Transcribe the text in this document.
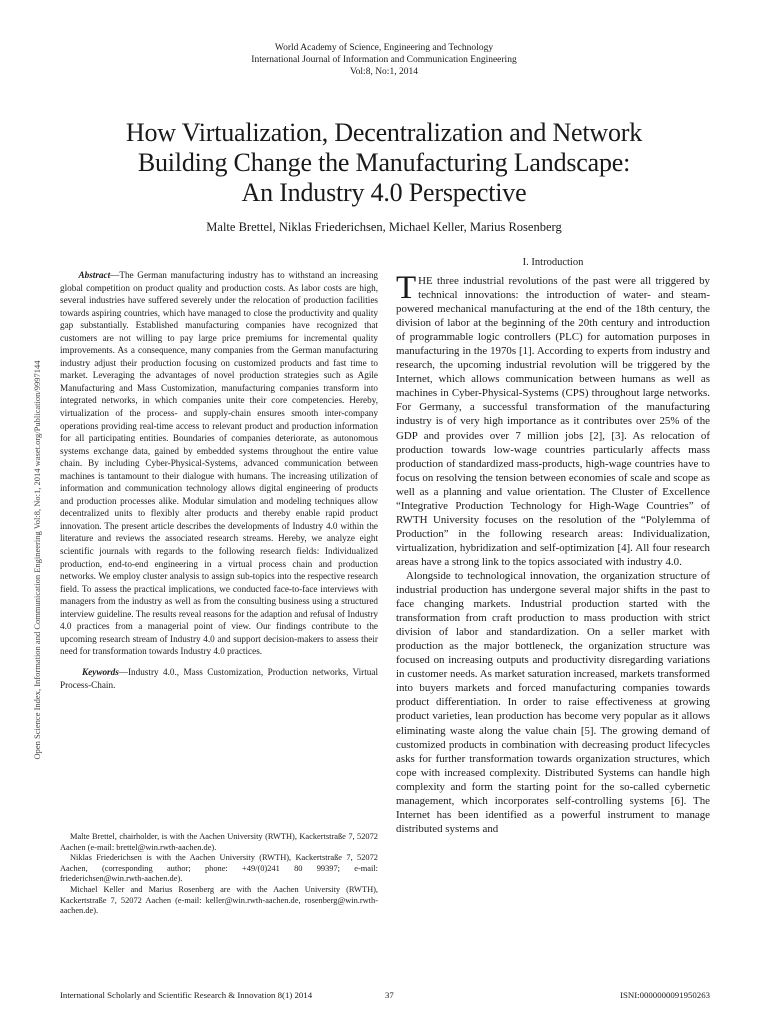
World Academy of Science, Engineering and Technology
International Journal of Information and Communication Engineering
Vol:8, No:1, 2014
How Virtualization, Decentralization and Network
Building Change the Manufacturing Landscape:
An Industry 4.0 Perspective
Malte Brettel, Niklas Friederichsen, Michael Keller, Marius Rosenberg
Open Science Index, Information and Communication Engineering Vol:8, No:1, 2014 waset.org/Publication/9997144

Abstract—The German manufacturing industry has to withstand an increasing global competition on product quality and production costs. As labor costs are high, several industries have suffered severely under the relocation of production facilities towards aspiring countries, which have managed to close the productivity and quality gap substantially. Established manufacturing companies have recognized that customers are not willing to pay large price premiums for incremental quality improvements. As a consequence, many companies from the German manufacturing industry adjust their production focusing on customized products and fast time to market. Leveraging the advantages of novel production strategies such as Agile Manufacturing and Mass Customization, manufacturing companies transform into integrated networks, in which companies unite their core competencies. Hereby, virtualization of the process- and supply-chain ensures smooth inter-company operations providing real-time access to relevant product and production information for all participating entities. Boundaries of companies deteriorate, as autonomous systems exchange data, gained by embedded systems throughout the entire value chain. By including Cyber-Physical-Systems, advanced communication between machines is tantamount to their dialogue with humans. The increasing utilization of information and communication technology allows digital engineering of products and production processes alike. Modular simulation and modeling techniques allow decentralized units to flexibly alter products and thereby enable rapid product innovation. The present article describes the developments of Industry 4.0 within the literature and reviews the associated research streams. Hereby, we analyze eight scientific journals with regards to the following research fields: Individualized production, end-to-end engineering in a virtual process chain and production networks. We employ cluster analysis to assign sub-topics into the respective research field. To assess the practical implications, we conducted face-to-face interviews with managers from the industry as well as from the consulting business using a structured interview guideline. The results reveal reasons for the adaption and refusal of Industry 4.0 practices from a managerial point of view. Our findings contribute to the upcoming research stream of Industry 4.0 and support decision-makers to assess their need for transformation towards Industry 4.0 practices.

Keywords—Industry 4.0., Mass Customization, Production networks, Virtual Process-Chain.

Malte Brettel, chairholder, is with the Aachen University (RWTH), Kackertstraße 7, 52072 Aachen (e-mail: brettel@win.rwth-aachen.de).

Niklas Friederichsen is with the Aachen University (RWTH), Kackertstraße 7, 52072 Aachen, (corresponding author; phone: +49/(0)241 80 99397; e-mail: friederichsen@win.rwth-aachen.de).

Michael Keller and Marius Rosenberg are with the Aachen University (RWTH), Kackertstraße 7, 52072 Aachen (e-mail: keller@win.rwth-aachen.de, rosenberg@win.rwth-aachen.de).

I. Introduction

THE three industrial revolutions of the past were all triggered by technical innovations: the introduction of water- and steam-powered mechanical manufacturing at the end of the 18th century, the division of labor at the beginning of the 20th century and introduction of programmable logic controllers (PLC) for automation purposes in manufacturing in the 1970s [1]. According to experts from industry and research, the upcoming industrial revolution will be triggered by the Internet, which allows communication between humans as well as machines in Cyber-Physical-Systems (CPS) throughout large networks. For Germany, a successful transformation of the manufacturing industry is of very high importance as it contributes over 25% of the GDP and provides over 7 million jobs [2], [3]. As relocation of production towards low-wage countries particularly affects mass production of standardized mass-products, high-wage countries have to focus on resolving the tension between economies of scale and scope as well as a planning and value orientation. The Cluster of Excellence “Integrative Production Technology for High-Wage Countries” of RWTH University focuses on the resolution of the “Polylemma of Production” in the following research areas: Individualization, virtualization, hybridization and self-optimization [4]. All four research areas have a strong link to the topics associated with industry 4.0.

Alongside to technological innovation, the organization structure of industrial production has undergone several major shifts in the past to face changing markets. Industrial production started with the transformation from craft production to mass production with strict division of labor and standardization. On a seller market with production as the major bottleneck, the organization structure was focused on increasing outputs and productivity disregarding variations in customer needs. As market saturation increased, markets transformed into buyers markets and forced manufacturing companies towards product differentiation. In order to raise effectiveness at growing product varieties, lean production has become very popular as it allows eliminating waste along the value chain [5]. The growing demand of customized products in combination with decreasing product lifecycles asks for further transformation towards organization structures, which cope with increased complexity. Distributed Systems can handle high complexity and form the starting point for the so-called cybernetic management, which incorporates self-controlling systems [6]. The Internet has been identified as a powerful instrument to manage distributed systems and

International Scholarly and Scientific Research & Innovation 8(1) 2014	37	ISNI:0000000091950263
